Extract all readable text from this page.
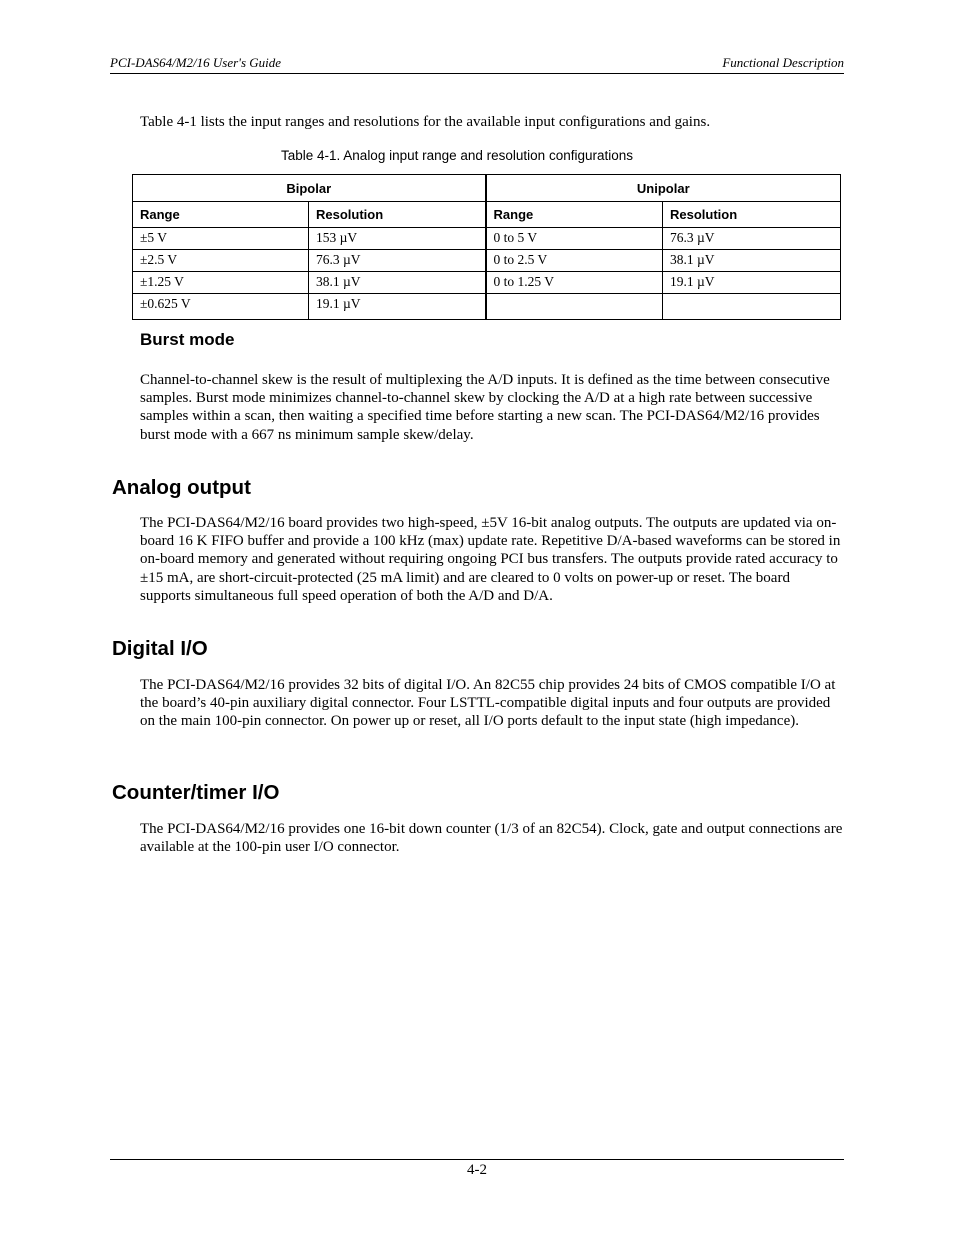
PCI-DAS64/M2/16 User's Guide	Functional Description

Table 4-1 lists the input ranges and resolutions for the available input configurations and gains.

Table 4-1. Analog input range and resolution configurations
Bipolar		Unipolar	
Range	Resolution	Range	Resolution
±5 V	153 µV	0 to 5 V	76.3 µV
±2.5 V	76.3 µV	0 to 2.5 V	38.1 µV
±1.25 V	38.1 µV	0 to 1.25 V	19.1 µV
±0.625 V	19.1 µV		
Burst mode

Channel-to-channel skew is the result of multiplexing the A/D inputs. It is defined as the time between consecutive samples. Burst mode minimizes channel-to-channel skew by clocking the A/D at a high rate between successive samples within a scan, then waiting a specified time before starting a new scan. The PCI-DAS64/M2/16 provides burst mode with a 667 ns minimum sample skew/delay.

Analog output

The PCI-DAS64/M2/16 board provides two high-speed, ±5V 16-bit analog outputs. The outputs are updated via on-board 16 K FIFO buffer and provide a 100 kHz (max) update rate. Repetitive D/A-based waveforms can be stored in on-board memory and generated without requiring ongoing PCI bus transfers. The outputs provide rated accuracy to ±15 mA, are short-circuit-protected (25 mA limit) and are cleared to 0 volts on power-up or reset. The board supports simultaneous full speed operation of both the A/D and D/A.

Digital I/O

The PCI-DAS64/M2/16 provides 32 bits of digital I/O. An 82C55 chip provides 24 bits of CMOS compatible I/O at the board’s 40-pin auxiliary digital connector. Four LSTTL-compatible digital inputs and four outputs are provided on the main 100-pin connector. On power up or reset, all I/O ports default to the input state (high impedance).

Counter/timer I/O

The PCI-DAS64/M2/16 provides one 16-bit down counter (1/3 of an 82C54). Clock, gate and output connections are available at the 100-pin user I/O connector.

4-2
